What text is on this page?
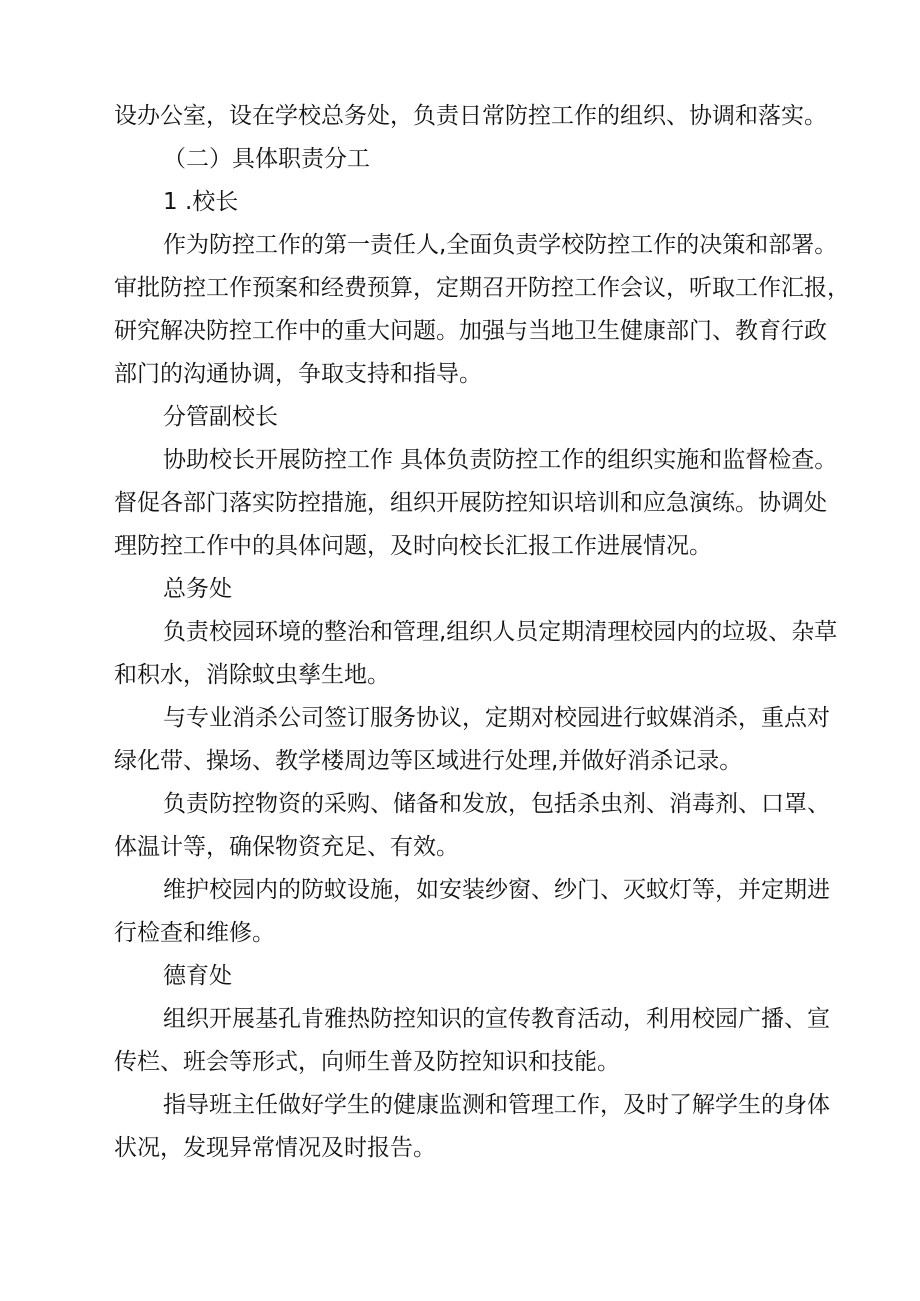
设办公室，设在学校总务处，负责日常防控工作的组织、协调和落实。
（二）具体职责分工
1 .校长
作为防控工作的第一责任人,全面负责学校防控工作的决策和部署。
审批防控工作预案和经费预算，定期召开防控工作会议，听取工作汇报，
研究解决防控工作中的重大问题。加强与当地卫生健康部门、教育行政
部门的沟通协调，争取支持和指导。
分管副校长
协助校长开展防控工作 具体负责防控工作的组织实施和监督检查。
督促各部门落实防控措施，组织开展防控知识培训和应急演练。协调处
理防控工作中的具体问题，及时向校长汇报工作进展情况。
总务处
负责校园环境的整治和管理,组织人员定期清理校园内的垃圾、杂草
和积水，消除蚊虫孳生地。
与专业消杀公司签订服务协议，定期对校园进行蚊媒消杀，重点对
绿化带、操场、教学楼周边等区域进行处理,并做好消杀记录。
负责防控物资的采购、储备和发放，包括杀虫剂、消毒剂、口罩、
体温计等，确保物资充足、有效。
维护校园内的防蚊设施，如安装纱窗、纱门、灭蚊灯等，并定期进
行检查和维修。
德育处
组织开展基孔肯雅热防控知识的宣传教育活动，利用校园广播、宣
传栏、班会等形式，向师生普及防控知识和技能。
指导班主任做好学生的健康监测和管理工作，及时了解学生的身体
状况，发现异常情况及时报告。
